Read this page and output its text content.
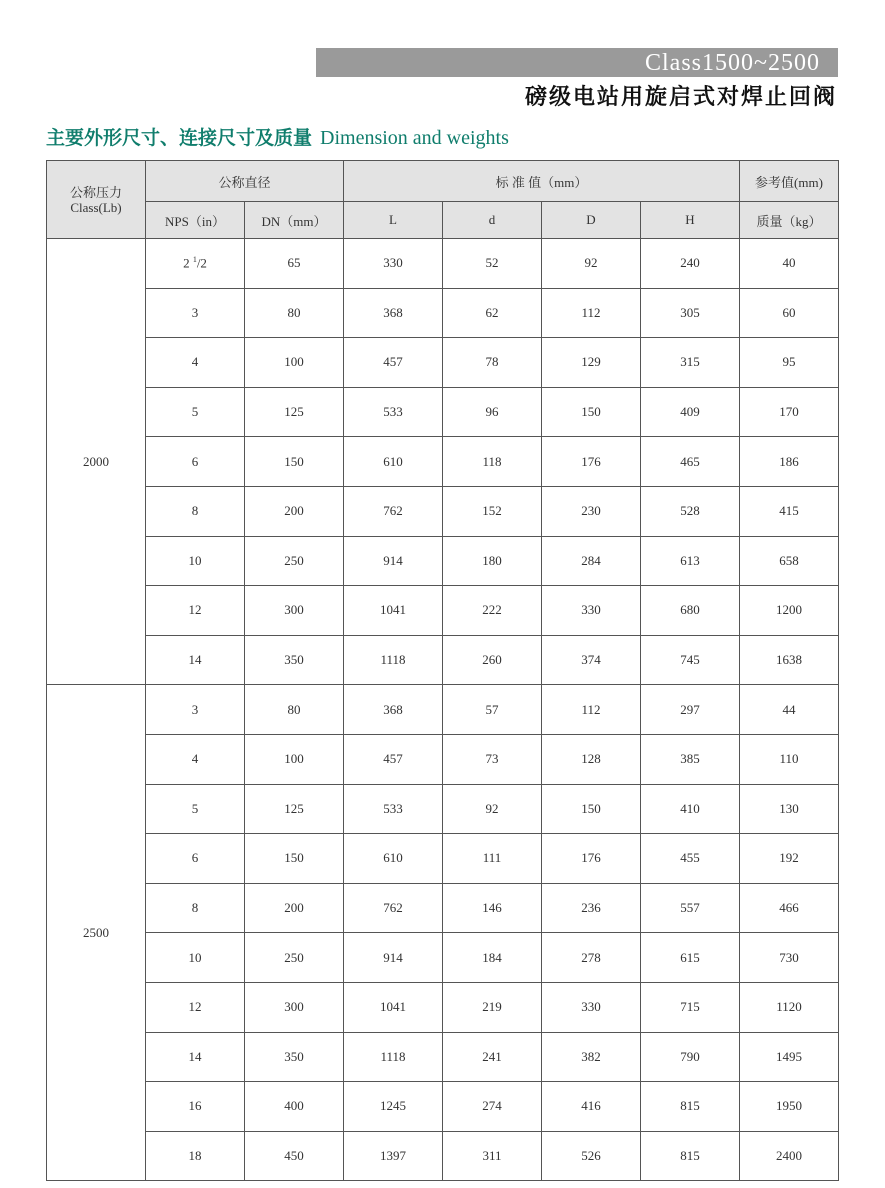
Class1500~2500
磅级电站用旋启式对焊止回阀
主要外形尺寸、连接尺寸及质量 Dimension and weights
公称压力
Class(Lb)	公称直径		标 准 值（mm）				参考值(mm)
	NPS（in）	DN（mm）	L	d	D	H	质量（kg）
2000	2 $^1$/2	65	330	52	92	240	40
	3	80	368	62	112	305	60
	4	100	457	78	129	315	95
	5	125	533	96	150	409	170
	6	150	610	118	176	465	186
	8	200	762	152	230	528	415
	10	250	914	180	284	613	658
	12	300	1041	222	330	680	1200
	14	350	1118	260	374	745	1638
2500	3	80	368	57	112	297	44
	4	100	457	73	128	385	110
	5	125	533	92	150	410	130
	6	150	610	111	176	455	192
	8	200	762	146	236	557	466
	10	250	914	184	278	615	730
	12	300	1041	219	330	715	1120
	14	350	1118	241	382	790	1495
	16	400	1245	274	416	815	1950
	18	450	1397	311	526	815	2400
